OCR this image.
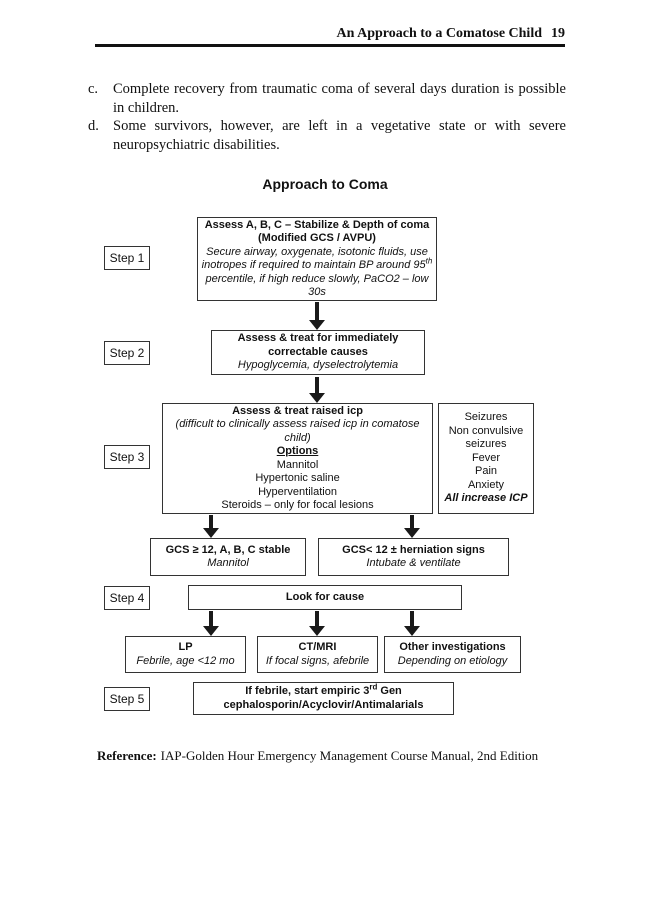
An Approach to a Comatose Child 19
c.	Complete recovery from traumatic coma of several days duration is possible in children.
d. Some survivors, however, are left in a vegetative state or with severe neuropsychiatric disabilities.
Approach to Coma
Step 1
Step 2
Step 3
Step 4
Step 5
Assess A, B, C – Stabilize & Depth of coma (Modified GCS / AVPU)
Secure airway, oxygenate, isotonic fluids, use inotropes if required to maintain BP around 95th percentile, if high reduce slowly, PaCO2 – low 30s
Assess & treat for immediately correctable causes
Hypoglycemia, dyselectrolytemia
Assess & treat raised icp
(difficult to clinically assess raised icp in comatose child)
Options
Mannitol
Hypertonic saline
Hyperventilation
Steroids – only for focal lesions
Seizures
Non convulsive seizures
Fever
Pain
Anxiety
All increase ICP
GCS ≥ 12, A, B, C stable
Mannitol
GCS< 12 ± herniation signs
Intubate & ventilate
Look for cause
LP
Febrile, age <12 mo
CT/MRI
If focal signs, afebrile
Other investigations
Depending on etiology
If febrile, start empiric 3rd Gen
cephalosporin/Acyclovir/Antimalarials
Reference: IAP-Golden Hour Emergency Management Course Manual, 2nd Edition
